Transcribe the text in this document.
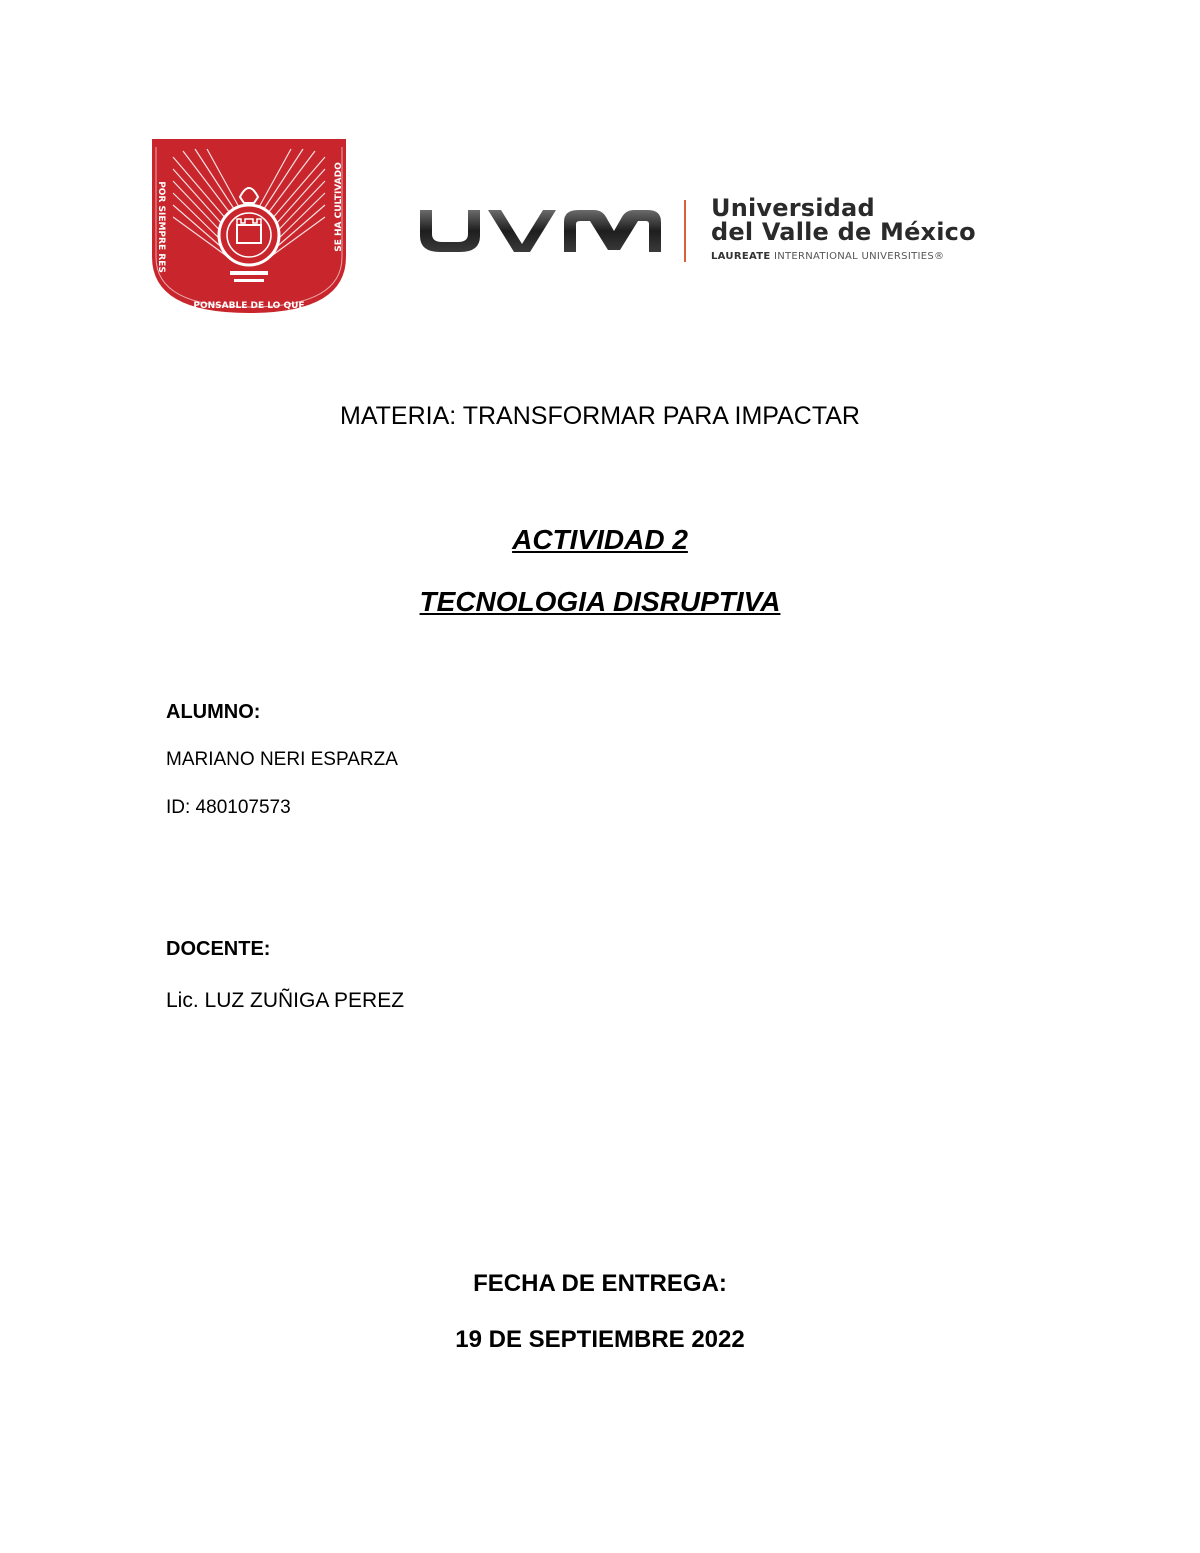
POR SIEMPRE RES	SE HA CULTIVADO
PONSABLE DE LO QUE
Universidad
del Valle de México
LAUREATE INTERNATIONAL UNIVERSITIES®
MATERIA: TRANSFORMAR PARA IMPACTAR
ACTIVIDAD 2
TECNOLOGIA DISRUPTIVA
ALUMNO:
MARIANO NERI ESPARZA
ID: 480107573
DOCENTE:
Lic. LUZ ZUÑIGA PEREZ
FECHA DE ENTREGA:
19 DE SEPTIEMBRE 2022
